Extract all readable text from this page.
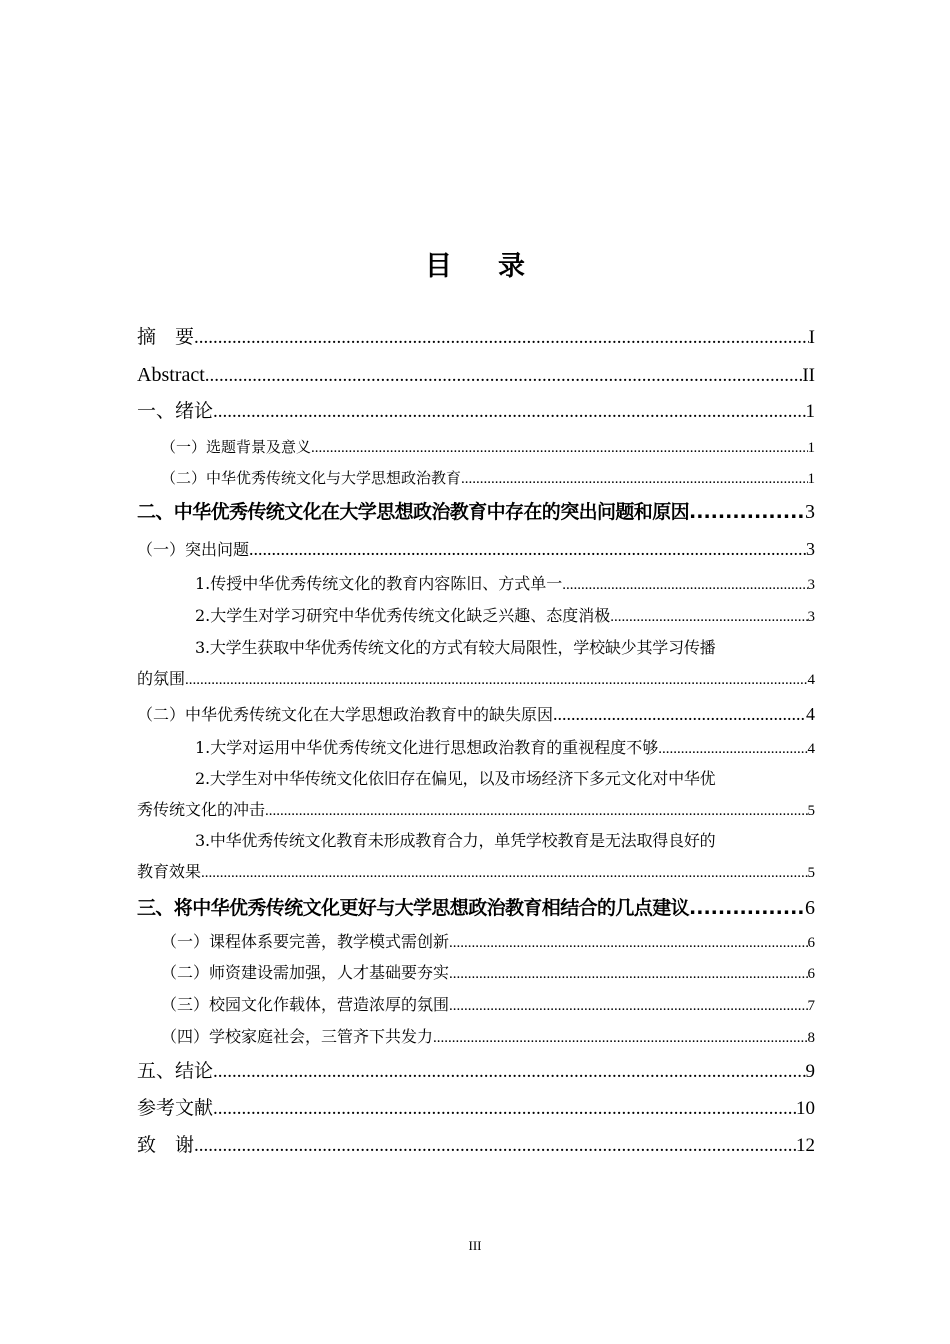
目 录
摘　要 .....	I
Abstract .....	II
一、绪论 .....	1
（一）选题背景及意义 .....	1
（二）中华优秀传统文化与大学思想政治教育 .....	1
二、中华优秀传统文化在大学思想政治教育中存在的突出问题和原因 .....	3
（一）突出问题 .....	3
1.传授中华优秀传统文化的教育内容陈旧、方式单一 .....	3
2.大学生对学习研究中华优秀传统文化缺乏兴趣、态度消极 .....	3
3.大学生获取中华优秀传统文化的方式有较大局限性，学校缺少其学习传播
的氛围 .....	4
（二）中华优秀传统文化在大学思想政治教育中的缺失原因 .....	4
1.大学对运用中华优秀传统文化进行思想政治教育的重视程度不够 .....	4
2.大学生对中华传统文化依旧存在偏见，以及市场经济下多元文化对中华优
秀传统文化的冲击 .....	5
3.中华优秀传统文化教育未形成教育合力，单凭学校教育是无法取得良好的
教育效果 .....	5
三、将中华优秀传统文化更好与大学思想政治教育相结合的几点建议 .....	6
（一）课程体系要完善，教学模式需创新 .....	6
（二）师资建设需加强，人才基础要夯实 .....	6
（三）校园文化作载体，营造浓厚的氛围 .....	7
（四）学校家庭社会，三管齐下共发力 .....	8
五、结论 .....	9
参考文献 .....	10
致　谢 .....	12
III
